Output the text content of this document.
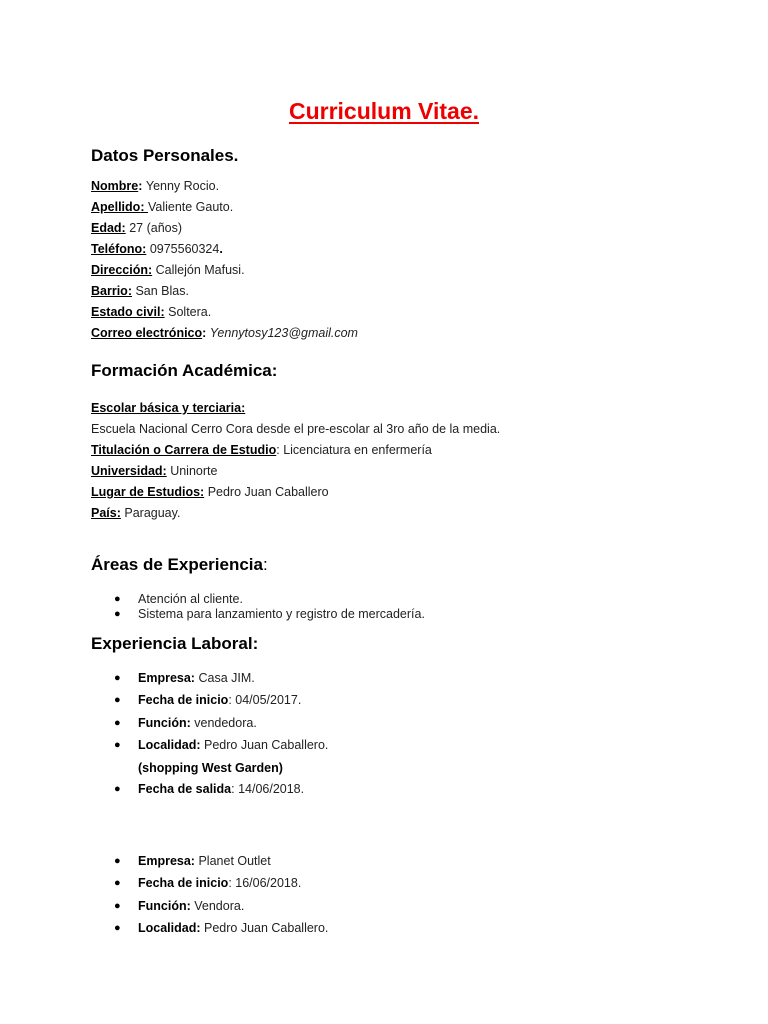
Curriculum Vitae.
Datos Personales.
Nombre: Yenny Rocio.
Apellido: Valiente Gauto.
Edad: 27 (años)
Teléfono: 0975560324.
Dirección: Callejón Mafusi.
Barrio: San Blas.
Estado civil: Soltera.
Correo electrónico: Yennytosy123@gmail.com
Formación Académica:
Escolar básica y terciaria:
Escuela Nacional Cerro Cora desde el pre-escolar al 3ro año de la media.
Titulación o Carrera de Estudio: Licenciatura en enfermería
Universidad: Uninorte
Lugar de Estudios: Pedro Juan Caballero
País: Paraguay.
Áreas de Experiencia:
● Atención al cliente.
● Sistema para lanzamiento y registro de mercadería.
Experiencia Laboral:
● Empresa: Casa JIM.
● Fecha de inicio: 04/05/2017.
● Función: vendedora.
● Localidad: Pedro Juan Caballero.
(shopping West Garden)
● Fecha de salida: 14/06/2018.
● Empresa: Planet Outlet
● Fecha de inicio: 16/06/2018.
● Función: Vendora.
● Localidad: Pedro Juan Caballero.
